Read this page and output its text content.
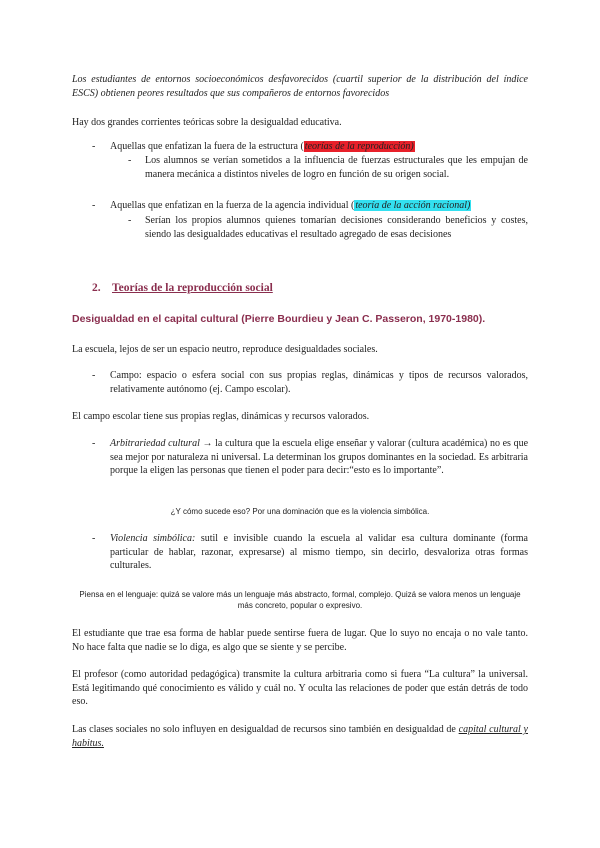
Los estudiantes de entornos socioeconómicos desfavorecidos (cuartil superior de la distribución del índice ESCS) obtienen peores resultados que sus compañeros de entornos favorecidos
Hay dos grandes corrientes teóricas sobre la desigualdad educativa.
- Aquellas que enfatizan la fuera de la estructura (teorías de la reproducción)
- Los alumnos se verían sometidos a la influencia de fuerzas estructurales que les empujan de manera mecánica a distintos niveles de logro en función de su origen social.
- Aquellas que enfatizan en la fuerza de la agencia individual (teoría de la acción racional)
- Serían los propios alumnos quienes tomarían decisiones considerando beneficios y costes, siendo las desigualdades educativas el resultado agregado de esas decisiones
2. Teorías de la reproducción social
Desigualdad en el capital cultural (Pierre Bourdieu y Jean C. Passeron, 1970-1980).
La escuela, lejos de ser un espacio neutro, reproduce desigualdades sociales.
- Campo: espacio o esfera social con sus propias reglas, dinámicas y tipos de recursos valorados, relativamente autónomo (ej. Campo escolar).
El campo escolar tiene sus propias reglas, dinámicas y recursos valorados.
- Arbitrariedad cultural → la cultura que la escuela elige enseñar y valorar (cultura académica) no es que sea mejor por naturaleza ni universal. La determinan los grupos dominantes en la sociedad. Es arbitraria porque la eligen las personas que tienen el poder para decir:“esto es lo importante”.
¿Y cómo sucede eso? Por una dominación que es la violencia simbólica.
- Violencia simbólica: sutil e invisible cuando la escuela al validar esa cultura dominante (forma particular de hablar, razonar, expresarse) al mismo tiempo, sin decirlo, desvaloriza otras formas culturales.
Piensa en el lenguaje: quizá se valore más un lenguaje más abstracto, formal, complejo. Quizá se valora menos un lenguaje más concreto, popular o expresivo.
El estudiante que trae esa forma de hablar puede sentirse fuera de lugar. Que lo suyo no encaja o no vale tanto. No hace falta que nadie se lo diga, es algo que se siente y se percibe.
El profesor (como autoridad pedagógica) transmite la cultura arbitraria como si fuera “La cultura” la universal. Está legitimando qué conocimiento es válido y cuál no. Y oculta las relaciones de poder que están detrás de todo eso.
Las clases sociales no solo influyen en desigualdad de recursos sino también en desigualdad de capital cultural y habitus.
